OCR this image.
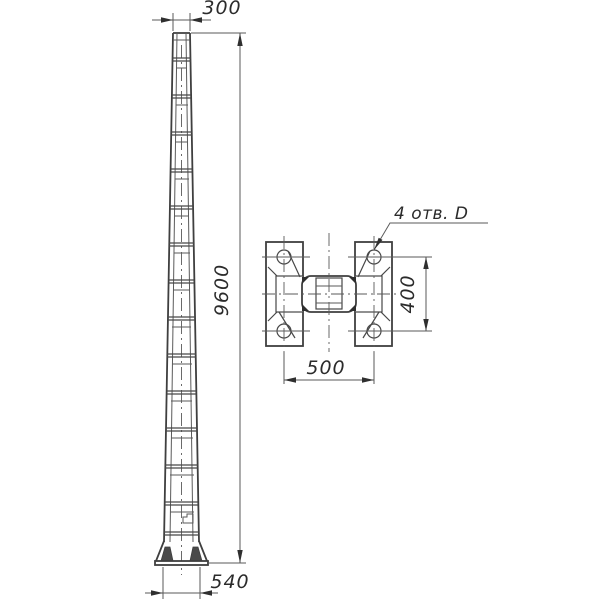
300
9600
540
500
400
4 отв. D
